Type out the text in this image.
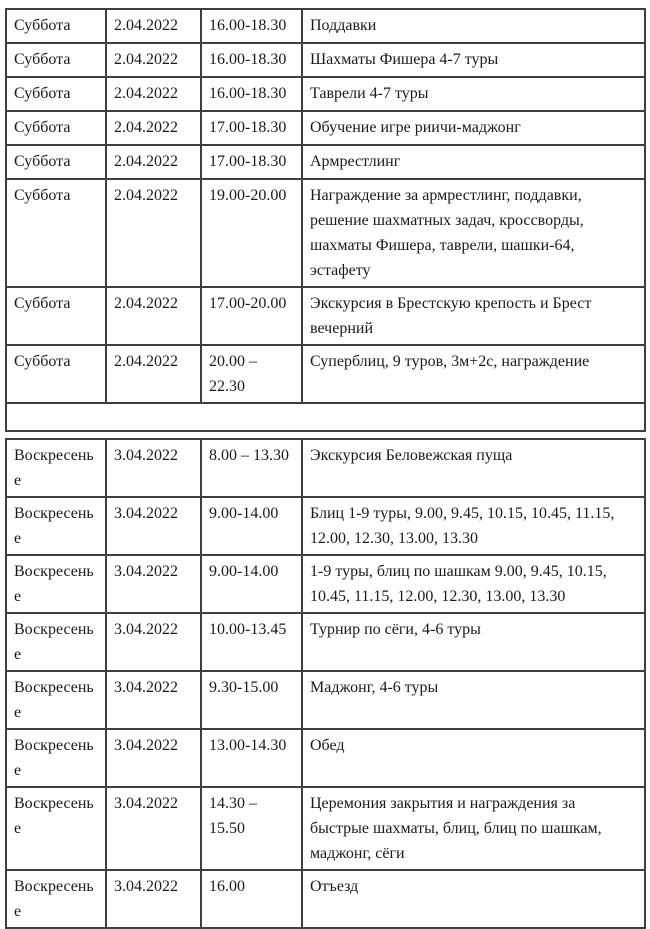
Суббота	2.04.2022	16.00-18.30	Поддавки
Суббота	2.04.2022	16.00-18.30	Шахматы Фишера 4-7 туры
Суббота	2.04.2022	16.00-18.30	Таврели 4-7 туры
Суббота	2.04.2022	17.00-18.30	Обучение игре риичи-маджонг
Суббота	2.04.2022	17.00-18.30	Армрестлинг
Суббота	2.04.2022	19.00-20.00	Награждение за армрестлинг, поддавки, решение шахматных задач, кроссворды, шахматы Фишера, таврели, шашки-64, эстафету
Суббота	2.04.2022	17.00-20.00	Экскурсия в Брестскую крепость и Брест вечерний
Суббота	2.04.2022	20.00 – 22.30	Суперблиц, 9 туров, 3м+2с, награждение

Воскресенье	3.04.2022	8.00 – 13.30	Экскурсия Беловежская пуща
Воскресенье	3.04.2022	9.00-14.00	Блиц 1-9 туры, 9.00, 9.45, 10.15, 10.45, 11.15, 12.00, 12.30, 13.00, 13.30
Воскресенье	3.04.2022	9.00-14.00	1-9 туры, блиц по шашкам 9.00, 9.45, 10.15, 10.45, 11.15, 12.00, 12.30, 13.00, 13.30
Воскресенье	3.04.2022	10.00-13.45	Турнир по сёги, 4-6 туры
Воскресенье	3.04.2022	9.30-15.00	Маджонг, 4-6 туры
Воскресенье	3.04.2022	13.00-14.30	Обед
Воскресенье	3.04.2022	14.30 – 15.50	Церемония закрытия и награждения за быстрые шахматы, блиц, блиц по шашкам, маджонг, сёги
Воскресенье	3.04.2022	16.00	Отъезд
